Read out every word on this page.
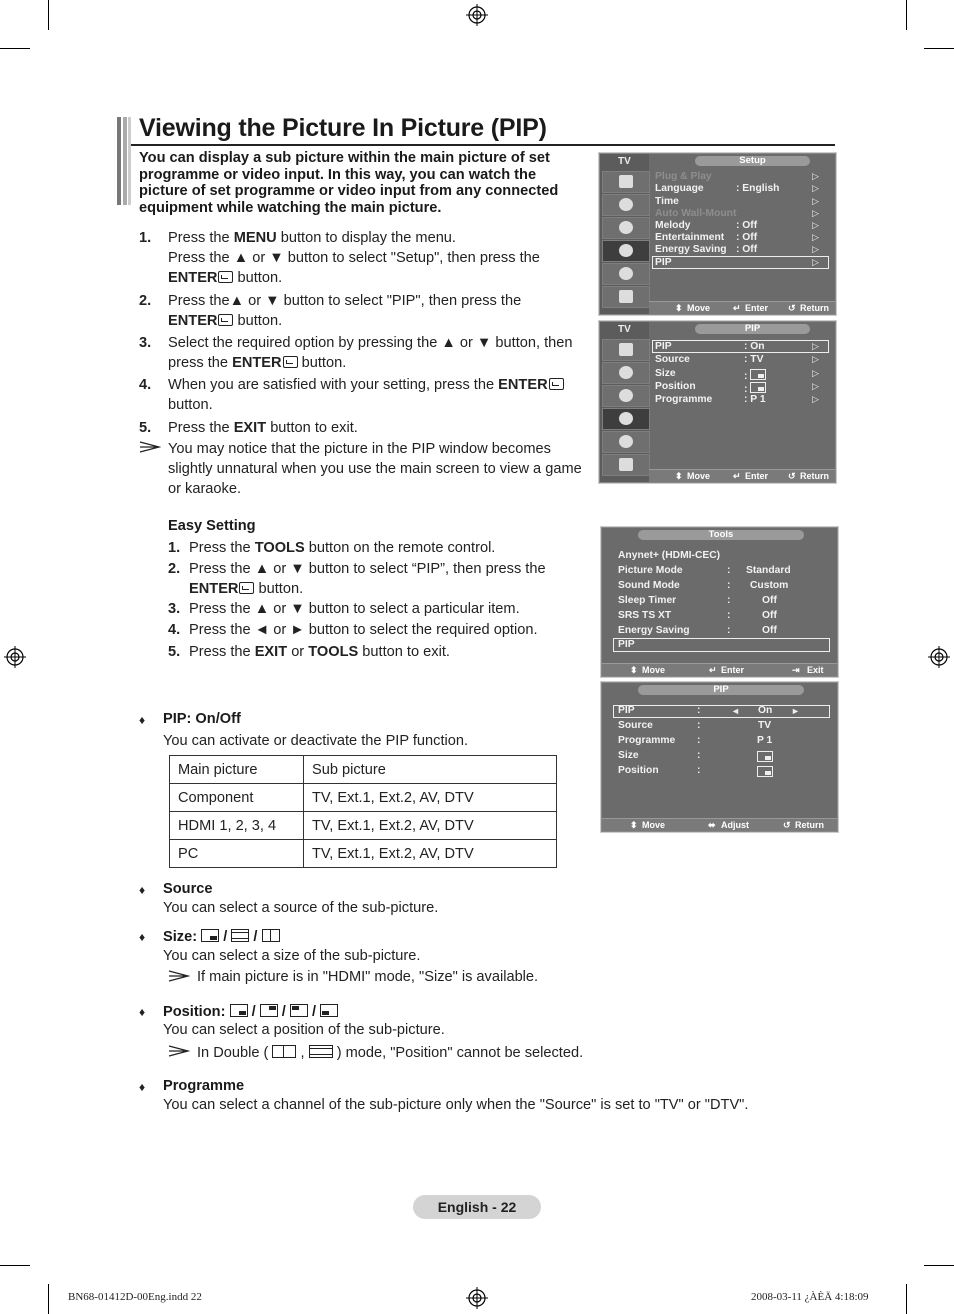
Viewing the Picture In Picture (PIP)
You can display a sub picture within the main picture of set programme or video input. In this way, you can watch the picture of set programme or video input from any connected equipment while watching the main picture.
1. Press the MENU button to display the menu.
Press the ▲ or ▼ button to select "Setup", then press the
ENTER button.
2. Press the▲ or ▼ button to select "PIP", then press the
ENTER button.
3. Select the required option by pressing the ▲ or ▼ button, then
press the ENTER button.
4. When you are satisfied with your setting, press the ENTER
button.
5. Press the EXIT button to exit.
You may notice that the picture in the PIP window becomes
slightly unnatural when you use the main screen to view a game
or karaoke.
Easy Setting
1. Press the TOOLS button on the remote control.
2. Press the ▲ or ▼ button to select “PIP”, then press the
ENTER button.
3. Press the ▲ or ▼ button to select a particular item.
4. Press the ◄ or ► button to select the required option.
5. Press the EXIT or TOOLS button to exit.
♦ PIP: On/Off
You can activate or deactivate the PIP function.
Main picture	Sub picture
Component	TV, Ext.1, Ext.2, AV, DTV
HDMI 1, 2, 3, 4	TV, Ext.1, Ext.2, AV, DTV
PC	TV, Ext.1, Ext.2, AV, DTV
♦ Source
You can select a source of the sub-picture.
♦ Size: / /
You can select a size of the sub-picture.
If main picture is in "HDMI" mode, "Size" is available.
♦ Position: / / /
You can select a position of the sub-picture.
In Double ( , ) mode, "Position" cannot be selected.
♦ Programme
You can select a channel of the sub-picture only when the "Source" is set to "TV" or "DTV".
TV	Setup
Plug & Play
Language	: English
Time
Auto Wall-Mount
Melody	: Off
Entertainment : Off
Energy Saving : Off
PIP
▷
▷
▷
▷
▷
▷
▷
▷
⬍ Move	↵ Enter ↺ Return
TV	PIP
PIP	: On
Source	: TV
Size	:
Position	:
Programme	: P 1
▷
▷
▷
▷
▷
⬍ Move	↵ Enter ↺ Return
Tools
Anynet+ (HDMI-CEC)
Picture Mode	: Standard
Sound Mode	: Custom
Sleep Timer	:	Off
SRS TS XT	:	Off
Energy Saving	:	Off
PIP
⬍ Move	↵ Enter	⇥ Exit
PIP
PIP	:	◄ On ►
Source	:	TV
Programme :	P 1
Size	:
Position	:
⬍ Move	⬌ Adjust	↺ Return
English - 22
BN68-01412D-00Eng.indd 22	2008-03-11 ¿ÀÈÄ 4:18:09
